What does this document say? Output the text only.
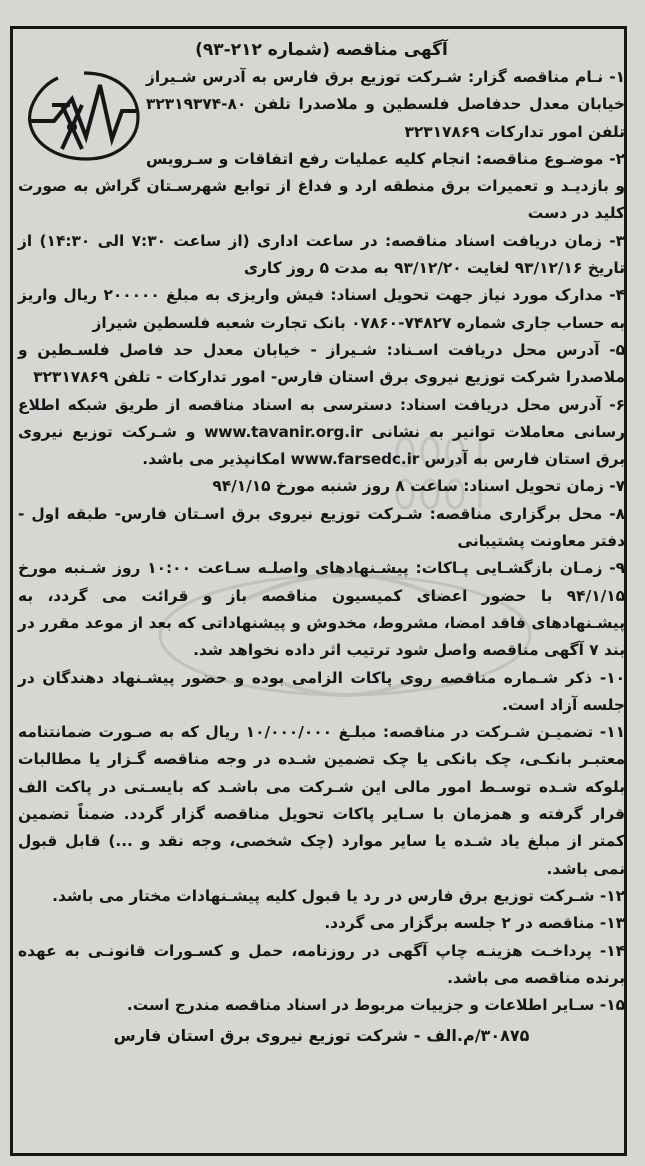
آگهی مناقصه (شماره ۲۱۲-۹۳)

۱- نـام مناقصه گزار: شـرکت توزیع برق فارس به آدرس شـیراز خیابان معدل حدفاصل فلسطین و ملاصدرا تلفن ۸۰-۳۲۳۱۹۳۷۴ تلفن امور تدارکات ۳۲۳۱۷۸۶۹

۲- موضـوع مناقصه: انجام کلیه عملیات رفع اتفاقات و سـرویس و بازدیـد و تعمیرات برق منطقه ارد و فداغ از توابع شهرسـتان گراش به صورت کلید در دست

۳- زمان دریافت اسناد مناقصه: در ساعت اداری (از ساعت ۷:۳۰ الی ۱۴:۳۰) از تاریخ ۹۳/۱۲/۱۶ لغایت ۹۳/۱۲/۲۰ به مدت ۵ روز کاری

۴- مدارک مورد نیاز جهت تحویل اسناد: فیش واریزی به مبلغ ۲۰۰۰۰۰ ریال واریز به حساب جاری شماره ۷۴۸۲۷-۰۷۸۶۰ بانک تجارت شعبه فلسطین شیراز

۵- آدرس محل دریافت اسـناد: شـیراز - خیابان معدل حد فاصل فلسـطین و ملاصدرا شرکت توزیع نیروی برق استان فارس- امور تدارکات - تلفن ۳۲۳۱۷۸۶۹

۶- آدرس محل دریافت اسناد: دسترسی به اسناد مناقصه از طریق شبکه اطلاع رسانی معاملات توانیر به نشانی www.tavanir.org.ir و شـرکت توزیع نیروی برق استان فارس به آدرس www.farsedc.ir امکانپذیر می باشد.

۷- زمان تحویل اسناد: ساعت ۸ روز شنبه مورخ ۹۴/۱/۱۵

۸- محل برگزاری مناقصه: شـرکت توزیع نیروی برق اسـتان فارس- طبقه اول - دفتر معاونت پشتیبانی

۹- زمـان بازگشـایی پـاکات: پیشـنهادهای واصلـه سـاعت ۱۰:۰۰ روز شـنبه مورخ ۹۴/۱/۱۵ با حضور اعضای کمیسیون مناقصه باز و قرائت می گردد، به پیشـنهادهای فاقد امضا، مشروط، مخدوش و پیشنهاداتی که بعد از موعد مقرر در بند ۷ آگهی مناقصه واصل شود ترتیب اثر داده نخواهد شد.

۱۰- ذکر شـماره مناقصه روی پاکات الزامی بوده و حضور پیشـنهاد دهندگان در جلسه آزاد است.

۱۱- تضمیـن شـرکت در مناقصه: مبلـغ ۱۰/۰۰۰/۰۰۰ ریال که به صـورت ضمانتنامه معتبـر بانکـی، چک بانکی یا چک تضمین شـده در وجه مناقصه گـزار یا مطالبات بلوکه شـده توسـط امور مالی این شـرکت می باشـد که بایسـتی در پاکت الف قرار گرفته و همزمان با سـایر پاکات تحویل مناقصه گزار گردد. ضمناً تضمین کمتر از مبلغ یاد شـده یا سایر موارد (چک شخصی، وجه نقد و ...) قابل قبول نمی باشد.

۱۲- شـرکت توزیع برق فارس در رد یا قبول کلیه پیشـنهادات مختار می باشد.

۱۳- مناقصه در ۲ جلسه برگزار می گردد.

۱۴- پرداخـت هزینـه چاپ آگهی در روزنامه، حمل و کسـورات قانونـی به عهده برنده مناقصه می باشد.

۱۵- سـایر اطلاعات و جزییات مربوط در اسناد مناقصه مندرج است.

۳۰۸۷۵/م.الف- شرکت توزیع نیروی برق استان فارس
